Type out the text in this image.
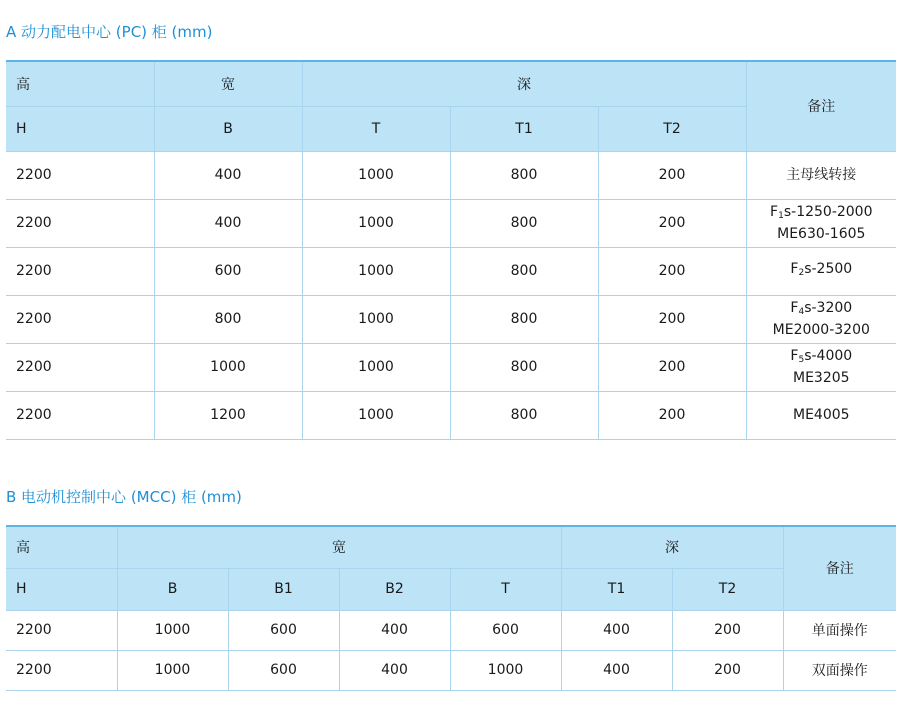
A 动力配电中心 (PC) 柜 (mm)
高	宽	深			备注
H	B	T	T1	T2	
2200	400	1000	800	200	主母线转接

2200	400	1000	800	200	$F_1s-1250-2000$
ME630-1605

2200	600	1000	800	200	$F_2s-2500$

2200	800	1000	800	200	$F_4s-3200$
ME2000-3200

2200	1000	1000	800	200	$F_5s-4000$
ME3205

2200	1200	1000	800	200	ME4005
B 电动机控制中心 (MCC) 柜 (mm)
高	宽				深		备注
H	B	B1	B2	T	T1	T2	
2200	1000	600	400	600	400	200	单面操作
2200	1000	600	400	1000	400	200	双面操作
